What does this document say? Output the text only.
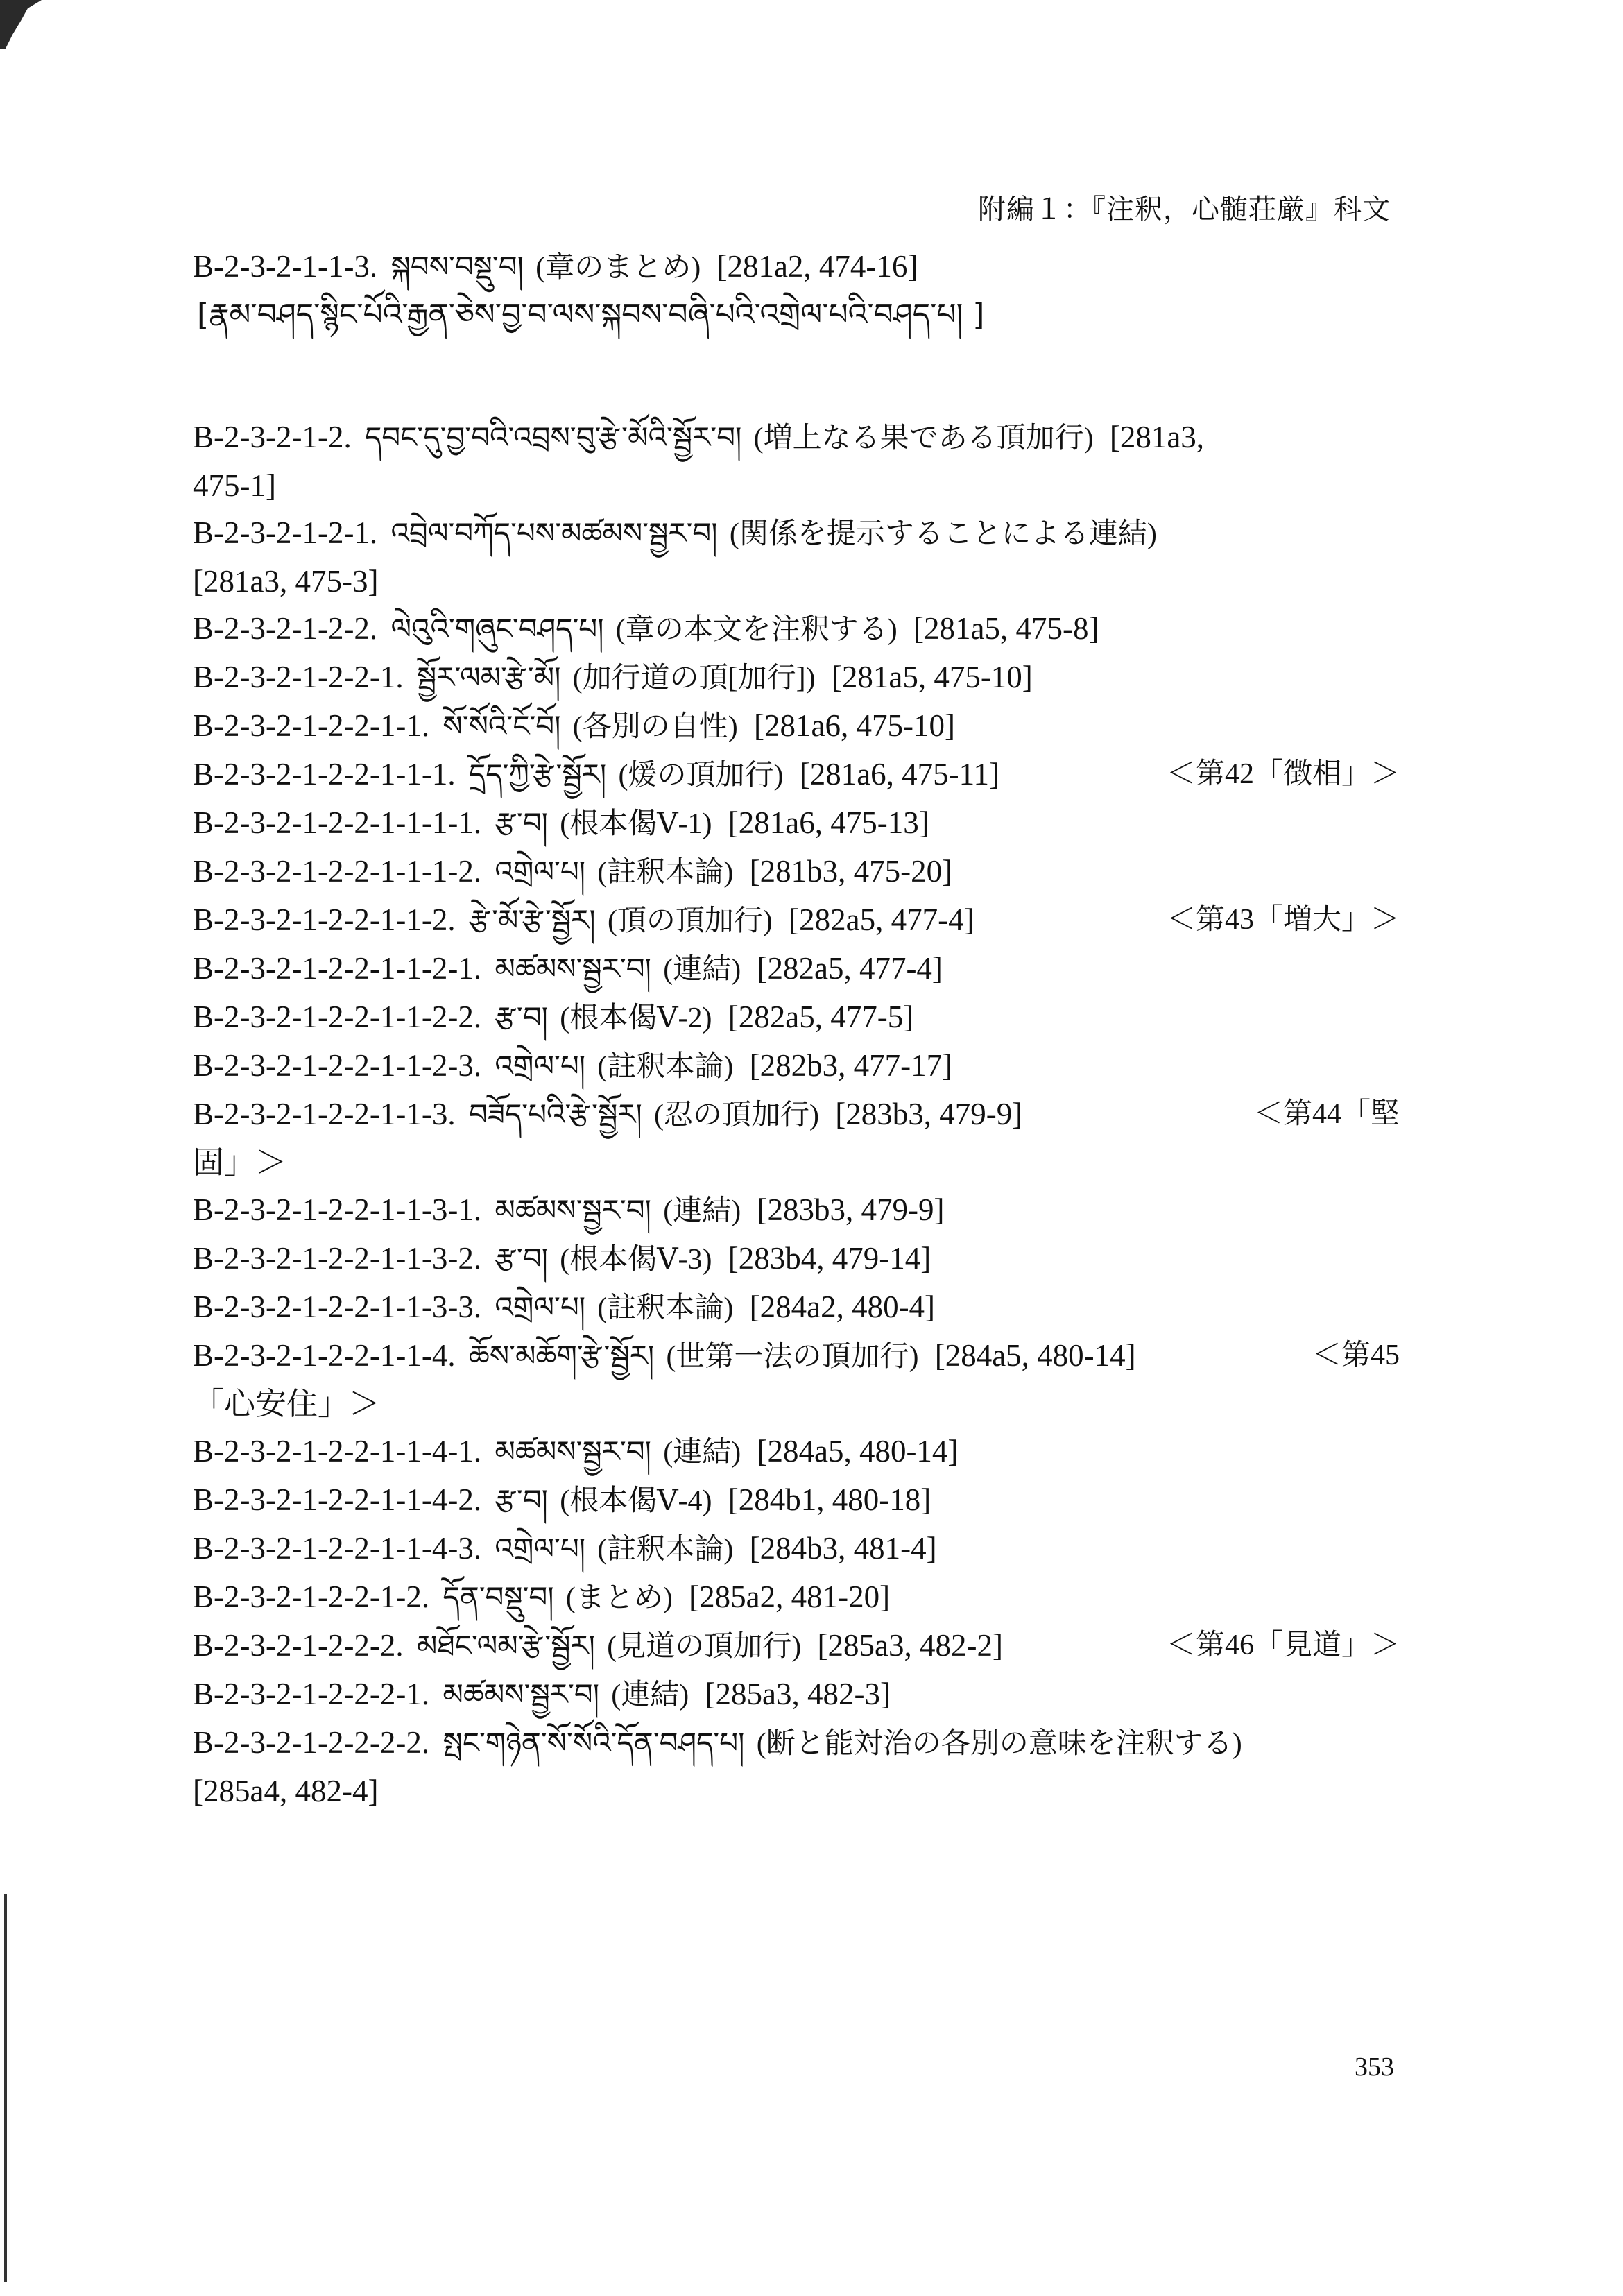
附編１：『注釈，心髄荘厳』科文
B-2-3-2-1-1-3. སྐབས་བསྡུ་བ། (章のまとめ) [281a2, 474-16]
[རྣམ་བཤད་སྙིང་པོའི་རྒྱན་ཅེས་བྱ་བ་ལས་སྐབས་བཞི་པའི་འགྲེལ་པའི་བཤད་པ། ]
B-2-3-2-1-2. དབང་དུ་བྱ་བའི་འབྲས་བུ་རྩེ་མོའི་སྦྱོར་བ། (増上なる果である頂加行) [281a3,
475-1]
B-2-3-2-1-2-1. འབྲེལ་བཀོད་པས་མཚམས་སྦྱར་བ། (関係を提示することによる連結)
[281a3, 475-3]
B-2-3-2-1-2-2. ལེའུའི་གཞུང་བཤད་པ། (章の本文を注釈する) [281a5, 475-8]
B-2-3-2-1-2-2-1. སྦྱོར་ལམ་རྩེ་མོ། (加行道の頂[加行]) [281a5, 475-10]
B-2-3-2-1-2-2-1-1. སོ་སོའི་ངོ་བོ། (各別の自性) [281a6, 475-10]
B-2-3-2-1-2-2-1-1-1. དྲོད་ཀྱི་རྩེ་སྦྱོར། (煖の頂加行) [281a6, 475-11]	＜第42「徴相」＞
B-2-3-2-1-2-2-1-1-1-1. རྩ་བ། (根本偈Ⅴ-1) [281a6, 475-13]
B-2-3-2-1-2-2-1-1-1-2. འགྲེལ་པ། (註釈本論) [281b3, 475-20]
B-2-3-2-1-2-2-1-1-2. རྩེ་མོ་རྩེ་སྦྱོར། (頂の頂加行) [282a5, 477-4]	＜第43「増大」＞
B-2-3-2-1-2-2-1-1-2-1. མཚམས་སྦྱར་བ། (連結) [282a5, 477-4]
B-2-3-2-1-2-2-1-1-2-2. རྩ་བ། (根本偈Ⅴ-2) [282a5, 477-5]
B-2-3-2-1-2-2-1-1-2-3. འགྲེལ་པ། (註釈本論) [282b3, 477-17]
B-2-3-2-1-2-2-1-1-3. བཟོད་པའི་རྩེ་སྦྱོར། (忍の頂加行) [283b3, 479-9]	＜第44「堅
固」＞
B-2-3-2-1-2-2-1-1-3-1. མཚམས་སྦྱར་བ། (連結) [283b3, 479-9]
B-2-3-2-1-2-2-1-1-3-2. རྩ་བ། (根本偈Ⅴ-3) [283b4, 479-14]
B-2-3-2-1-2-2-1-1-3-3. འགྲེལ་པ། (註釈本論) [284a2, 480-4]
B-2-3-2-1-2-2-1-1-4. ཆོས་མཆོག་རྩེ་སྦྱོར། (世第一法の頂加行) [284a5, 480-14]	＜第45
「心安住」＞
B-2-3-2-1-2-2-1-1-4-1. མཚམས་སྦྱར་བ། (連結) [284a5, 480-14]
B-2-3-2-1-2-2-1-1-4-2. རྩ་བ། (根本偈Ⅴ-4) [284b1, 480-18]
B-2-3-2-1-2-2-1-1-4-3. འགྲེལ་པ། (註釈本論) [284b3, 481-4]
B-2-3-2-1-2-2-1-2. དོན་བསྡུ་བ། (まとめ) [285a2, 481-20]
B-2-3-2-1-2-2-2. མཐོང་ལམ་རྩེ་སྦྱོར། (見道の頂加行) [285a3, 482-2]	＜第46「見道」＞
B-2-3-2-1-2-2-2-1. མཚམས་སྦྱར་བ། (連結) [285a3, 482-3]
B-2-3-2-1-2-2-2-2. སྤང་གཉེན་སོ་སོའི་དོན་བཤད་པ། (断と能対治の各別の意味を注釈する)
[285a4, 482-4]
353
